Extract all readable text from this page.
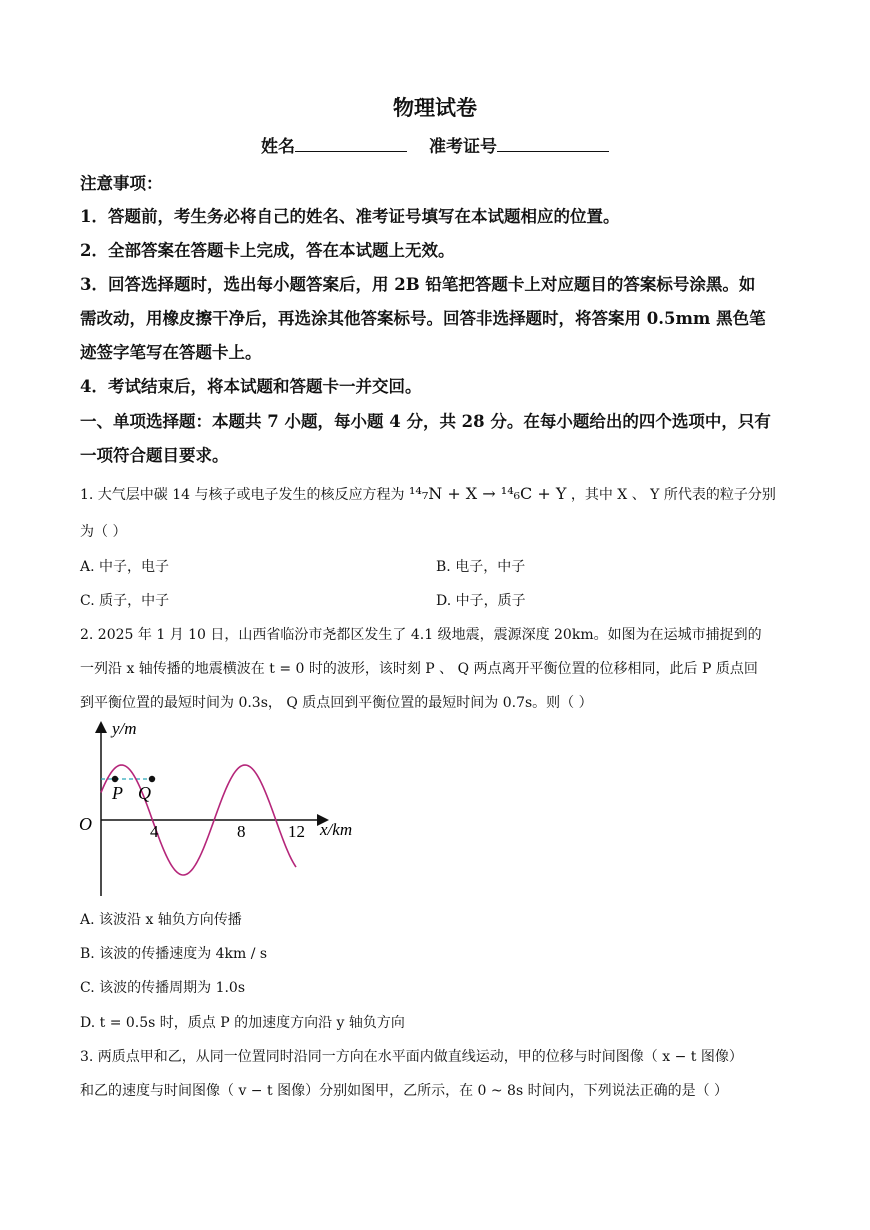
物理试卷
姓名	准考证号
注意事项：
1．答题前，考生务必将自己的姓名、准考证号填写在本试题相应的位置。
2．全部答案在答题卡上完成，答在本试题上无效。
3．回答选择题时，选出每小题答案后，用 2B 铅笔把答题卡上对应题目的答案标号涂黑。如
需改动，用橡皮擦干净后，再选涂其他答案标号。回答非选择题时，将答案用 0.5mm 黑色笔
迹签字笔写在答题卡上。
4．考试结束后，将本试题和答题卡一并交回。
一、单项选择题：本题共 7 小题，每小题 4 分，共 28 分。在每小题给出的四个选项中，只有
一项符合题目要求。
1. 大气层中碳 14 与核子或电子发生的核反应方程为 ¹⁴₇N + X → ¹⁴₆C + Y ，其中 X 、 Y 所代表的粒子分别
为（ ）
A. 中子，电子	B. 电子，中子
C. 质子，中子	D. 中子，质子
2. 2025 年 1 月 10 日，山西省临汾市尧都区发生了 4.1 级地震，震源深度 20km。如图为在运城市捕捉到的
一列沿 x 轴传播的地震横波在 t = 0 时的波形，该时刻 P 、 Q 两点离开平衡位置的位移相同，此后 P 质点回
到平衡位置的最短时间为 0.3s， Q 质点回到平衡位置的最短时间为 0.7s。则（ ）
y/m
x/km
O
P Q
4	8	12
A. 该波沿 x 轴负方向传播
B. 该波的传播速度为 4km / s
C. 该波的传播周期为 1.0s
D. t = 0.5s 时，质点 P 的加速度方向沿 y 轴负方向
3. 两质点甲和乙，从同一位置同时沿同一方向在水平面内做直线运动，甲的位移与时间图像（ x − t 图像）
和乙的速度与时间图像（ v − t 图像）分别如图甲，乙所示，在 0 ~ 8s 时间内，下列说法正确的是（ ）
